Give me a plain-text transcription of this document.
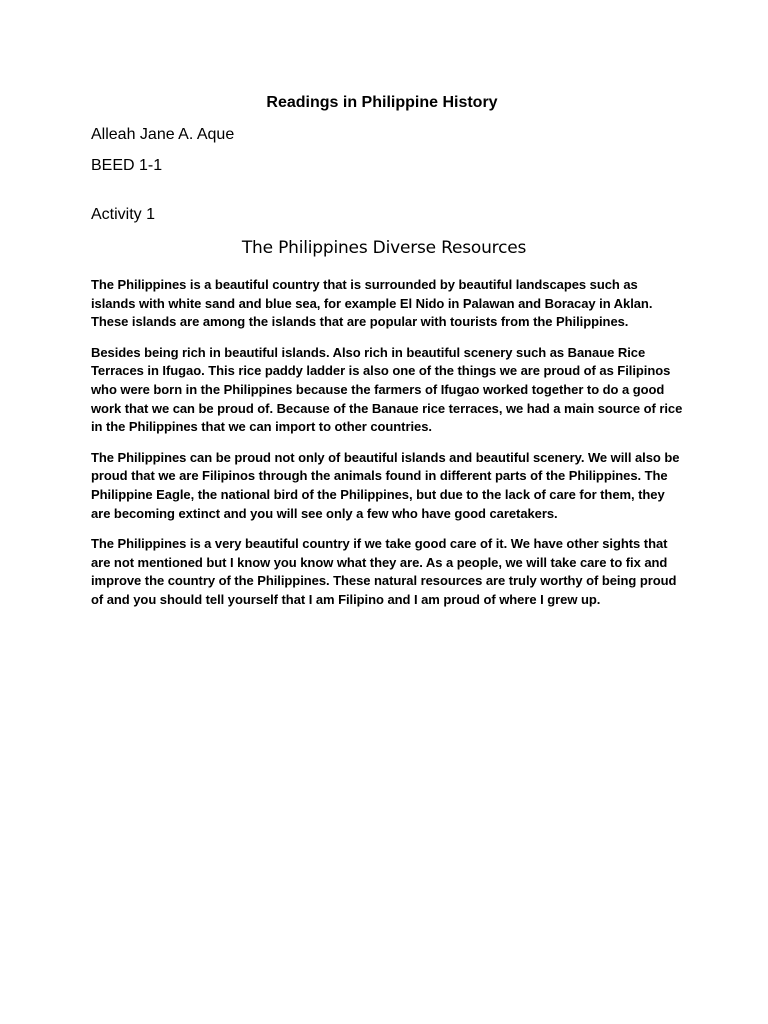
Readings in Philippine History
Alleah Jane A. Aque
BEED 1-1
Activity 1
The Philippines Diverse Resources

The Philippines is a beautiful country that is surrounded by beautiful landscapes such as islands with white sand and blue sea, for example El Nido in Palawan and Boracay in Aklan. These islands are among the islands that are popular with tourists from the Philippines.

Besides being rich in beautiful islands. Also rich in beautiful scenery such as Banaue Rice Terraces in Ifugao. This rice paddy ladder is also one of the things we are proud of as Filipinos who were born in the Philippines because the farmers of Ifugao worked together to do a good work that we can be proud of. Because of the Banaue rice terraces, we had a main source of rice in the Philippines that we can import to other countries.

The Philippines can be proud not only of beautiful islands and beautiful scenery. We will also be proud that we are Filipinos through the animals found in different parts of the Philippines. The Philippine Eagle, the national bird of the Philippines, but due to the lack of care for them, they are becoming extinct and you will see only a few who have good caretakers.

The Philippines is a very beautiful country if we take good care of it. We have other sights that are not mentioned but I know you know what they are. As a people, we will take care to fix and improve the country of the Philippines. These natural resources are truly worthy of being proud of and you should tell yourself that I am Filipino and I am proud of where I grew up.
